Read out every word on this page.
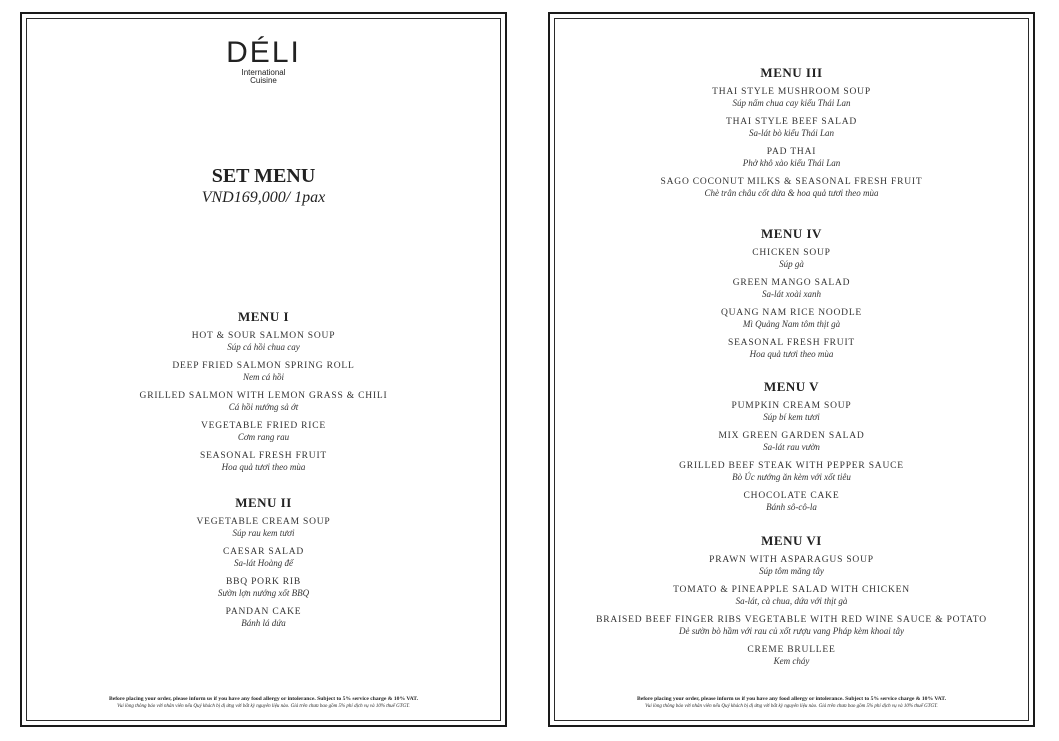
DÉLI
International
Cuisine
SET MENU
VND169,000/ 1pax
MENU I
HOT & SOUR SALMON SOUP
Súp cá hồi chua cay
DEEP FRIED SALMON SPRING ROLL
Nem cá hồi
GRILLED SALMON WITH LEMON GRASS & CHILI
Cá hồi nướng sả ớt
VEGETABLE FRIED RICE
Cơm rang rau
SEASONAL FRESH FRUIT
Hoa quả tươi theo mùa
MENU II
VEGETABLE CREAM SOUP
Súp rau kem tươi
CAESAR SALAD
Sa-lát Hoàng đế
BBQ PORK RIB
Sườn lợn nướng xốt BBQ
PANDAN CAKE
Bánh lá dứa
Before placing your order, please inform us if you have any food allergy or intolerance. Subject to 5% service charge & 10% VAT.
Vui lòng thông báo với nhân viên nếu Quý khách bị dị ứng với bất kỳ nguyên liệu nào. Giá trên chưa bao gồm 5% phí dịch vụ và 10% thuế GTGT.
MENU III
THAI STYLE MUSHROOM SOUP
Súp nấm chua cay kiểu Thái Lan
THAI STYLE BEEF SALAD
Sa-lát bò kiểu Thái Lan
PAD THAI
Phở khô xào kiểu Thái Lan
SAGO COCONUT MILKS & SEASONAL FRESH FRUIT
Chè trân châu cốt dừa & hoa quả tươi theo mùa
MENU IV
CHICKEN SOUP
Súp gà
GREEN MANGO SALAD
Sa-lát xoài xanh
QUANG NAM RICE NOODLE
Mì Quảng Nam tôm thịt gà
SEASONAL FRESH FRUIT
Hoa quả tươi theo mùa
MENU V
PUMPKIN CREAM SOUP
Súp bí kem tươi
MIX GREEN GARDEN SALAD
Sa-lát rau vườn
GRILLED BEEF STEAK WITH PEPPER SAUCE
Bò Úc nướng ăn kèm với xốt tiêu
CHOCOLATE CAKE
Bánh sô-cô-la
MENU VI
PRAWN WITH ASPARAGUS SOUP
Súp tôm măng tây
TOMATO & PINEAPPLE SALAD WITH CHICKEN
Sa-lát, cà chua, dứa với thịt gà
BRAISED BEEF FINGER RIBS VEGETABLE WITH RED WINE SAUCE & POTATO
Dẻ sườn bò hầm với rau củ xốt rượu vang Pháp kèm khoai tây
CREME BRULLEE
Kem cháy
Before placing your order, please inform us if you have any food allergy or intolerance. Subject to 5% service charge & 10% VAT.
Vui lòng thông báo với nhân viên nếu Quý khách bị dị ứng với bất kỳ nguyên liệu nào. Giá trên chưa bao gồm 5% phí dịch vụ và 10% thuế GTGT.
